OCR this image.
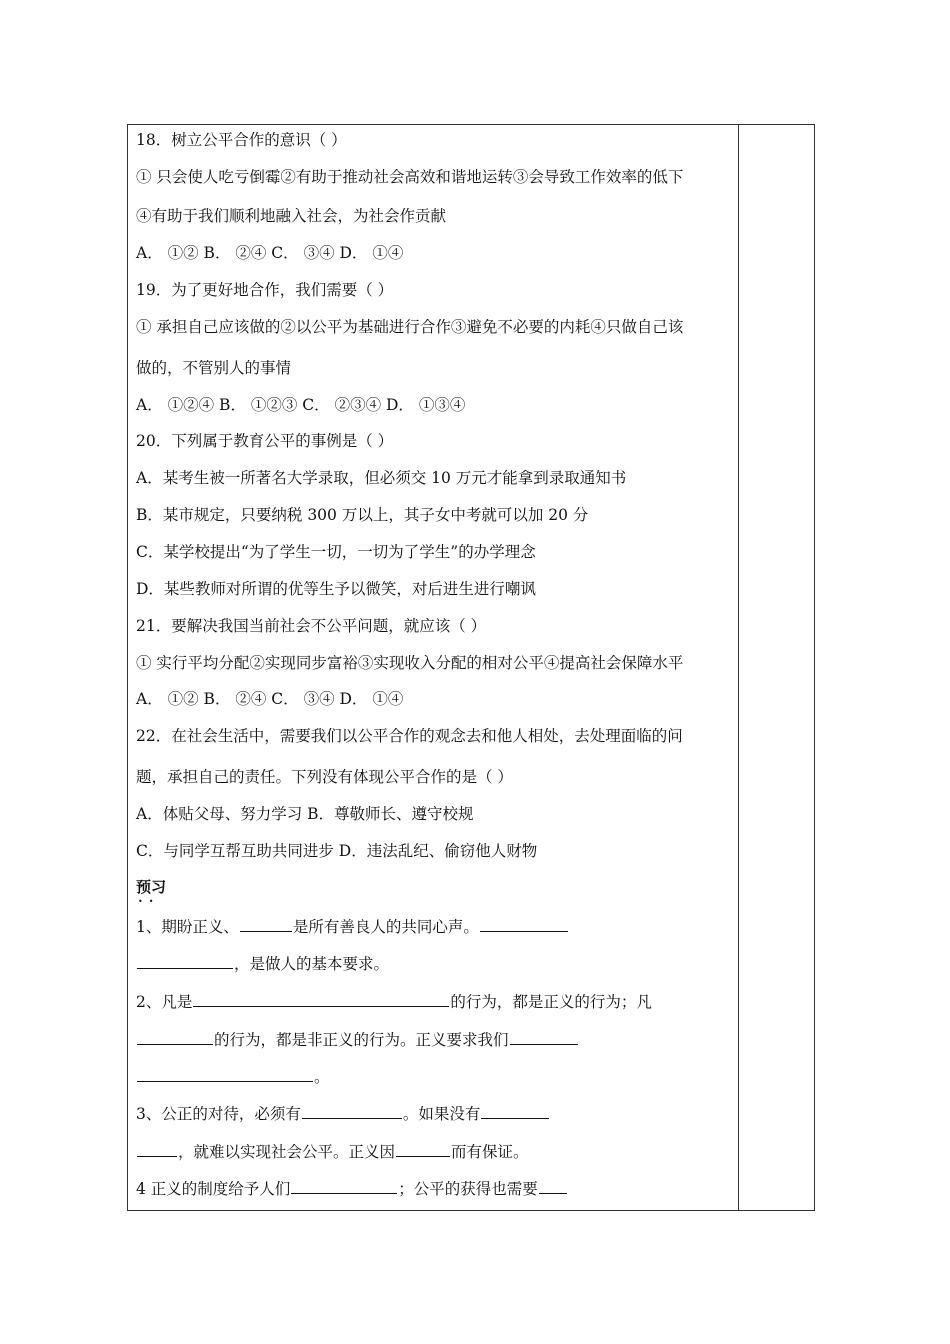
预习
••
18．树立公平合作的意识（ ）
① 只会使人吃亏倒霉②有助于推动社会高效和谐地运转③会导致工作效率的低下
④有助于我们顺利地融入社会，为社会作贡献
A． ①② B． ②④ C． ③④ D． ①④
19．为了更好地合作，我们需要（ ）
① 承担自己应该做的②以公平为基础进行合作③避免不必要的内耗④只做自己该
做的，不管别人的事情
A． ①②④ B． ①②③ C． ②③④ D． ①③④
20．下列属于教育公平的事例是（ ）
A．某考生被一所著名大学录取，但必须交 10 万元才能拿到录取通知书
B．某市规定，只要纳税 300 万以上，其子女中考就可以加 20 分
C．某学校提出“为了学生一切，一切为了学生”的办学理念
D．某些教师对所谓的优等生予以微笑，对后进生进行嘲讽
21．要解决我国当前社会不公平问题，就应该（ ）
① 实行平均分配②实现同步富裕③实现收入分配的相对公平④提高社会保障水平
A． ①② B． ②④ C． ③④ D． ①④
22．在社会生活中，需要我们以公平合作的观念去和他人相处，去处理面临的问
题，承担自己的责任。下列没有体现公平合作的是（ ）
A．体贴父母、努力学习 B．尊敬师长、遵守校规
C．与同学互帮互助共同进步 D．违法乱纪、偷窃他人财物
1、期盼正义、	是所有善良人的共同心声。
，是做人的基本要求。
2、凡是	的行为，都是正义的行为；凡
的行为，都是非正义的行为。正义要求我们
。
3、公正的对待，必须有	。如果没有
，就难以实现社会公平。正义因	而有保证。
4 正义的制度给予人们	；公平的获得也需要
